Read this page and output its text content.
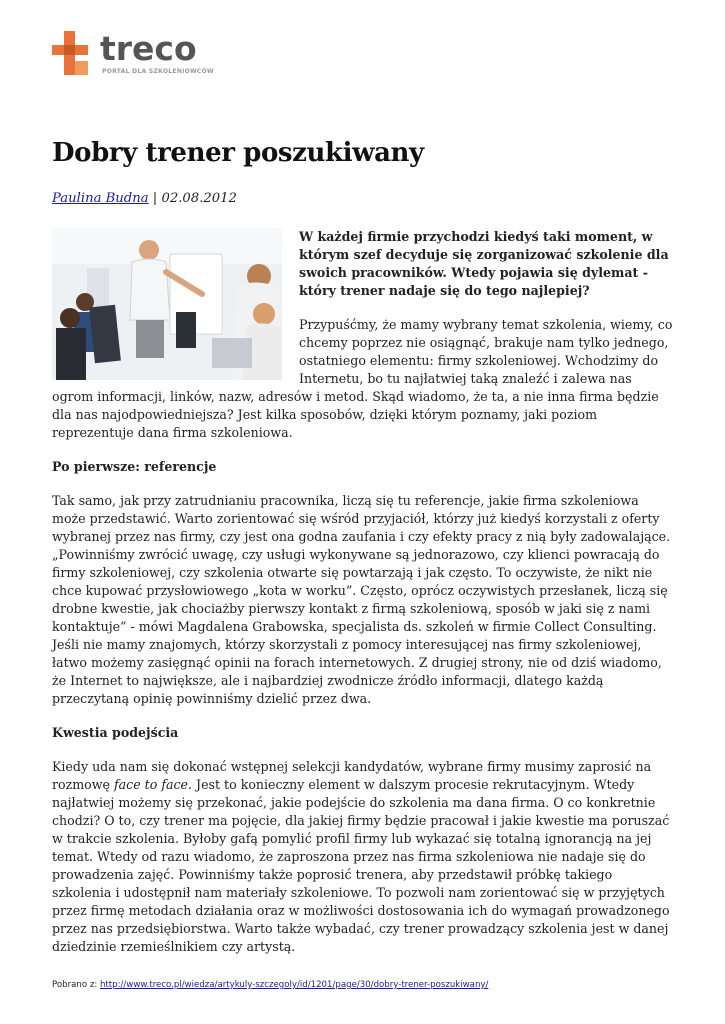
treco
PORTAL DLA SZKOLENIOWCÓW
Dobry trener poszukiwany

Paulina Budna | 02.08.2012

W każdej firmie przychodzi kiedyś taki moment, w którym szef decyduje się zorganizować szkolenie dla swoich pracowników. Wtedy pojawia się dylemat - który trener nadaje się do tego najlepiej?

Przypuśćmy, że mamy wybrany temat szkolenia, wiemy, co chcemy poprzez nie osiągnąć, brakuje nam tylko jednego, ostatniego elementu: firmy szkoleniowej. Wchodzimy do Internetu, bo tu najłatwiej taką znaleźć i zalewa nas ogrom informacji, linków, nazw, adresów i metod. Skąd wiadomo, że ta, a nie inna firma będzie dla nas najodpowiedniejsza? Jest kilka sposobów, dzięki którym poznamy, jaki poziom reprezentuje dana firma szkoleniowa.

Po pierwsze: referencje

Tak samo, jak przy zatrudnianiu pracownika, liczą się tu referencje, jakie firma szkoleniowa może przedstawić. Warto zorientować się wśród przyjaciół, którzy już kiedyś korzystali z oferty wybranej przez nas firmy, czy jest ona godna zaufania i czy efekty pracy z nią były zadowalające. „Powinniśmy zwrócić uwagę, czy usługi wykonywane są jednorazowo, czy klienci powracają do firmy szkoleniowej, czy szkolenia otwarte się powtarzają i jak często. To oczywiste, że nikt nie chce kupować przysłowiowego „kota w worku”. Często, oprócz oczywistych przesłanek, liczą się drobne kwestie, jak chociażby pierwszy kontakt z firmą szkoleniową, sposób w jaki się z nami kontaktuje” - mówi Magdalena Grabowska, specjalista ds. szkoleń w firmie Collect Consulting. Jeśli nie mamy znajomych, którzy skorzystali z pomocy interesującej nas firmy szkoleniowej, łatwo możemy zasięgnąć opinii na forach internetowych. Z drugiej strony, nie od dziś wiadomo, że Internet to największe, ale i najbardziej zwodnicze źródło informacji, dlatego każdą przeczytaną opinię powinniśmy dzielić przez dwa.

Kwestia podejścia

Kiedy uda nam się dokonać wstępnej selekcji kandydatów, wybrane firmy musimy zaprosić na rozmowę face to face. Jest to konieczny element w dalszym procesie rekrutacyjnym. Wtedy najłatwiej możemy się przekonać, jakie podejście do szkolenia ma dana firma. O co konkretnie chodzi? O to, czy trener ma pojęcie, dla jakiej firmy będzie pracował i jakie kwestie ma poruszać w trakcie szkolenia. Byłoby gafą pomylić profil firmy lub wykazać się totalną ignorancją na jej temat. Wtedy od razu wiadomo, że zaproszona przez nas firma szkoleniowa nie nadaje się do prowadzenia zajęć. Powinniśmy także poprosić trenera, aby przedstawił próbkę takiego szkolenia i udostępnił nam materiały szkoleniowe. To pozwoli nam zorientować się w przyjętych przez firmę metodach działania oraz w możliwości dostosowania ich do wymagań prowadzonego przez nas przedsiębiorstwa. Warto także wybadać, czy trener prowadzący szkolenia jest w danej dziedzinie rzemieślnikiem czy artystą.

Pobrano z: http://www.treco.pl/wiedza/artykuly-szczegoly/id/1201/page/30/dobry-trener-poszukiwany/
